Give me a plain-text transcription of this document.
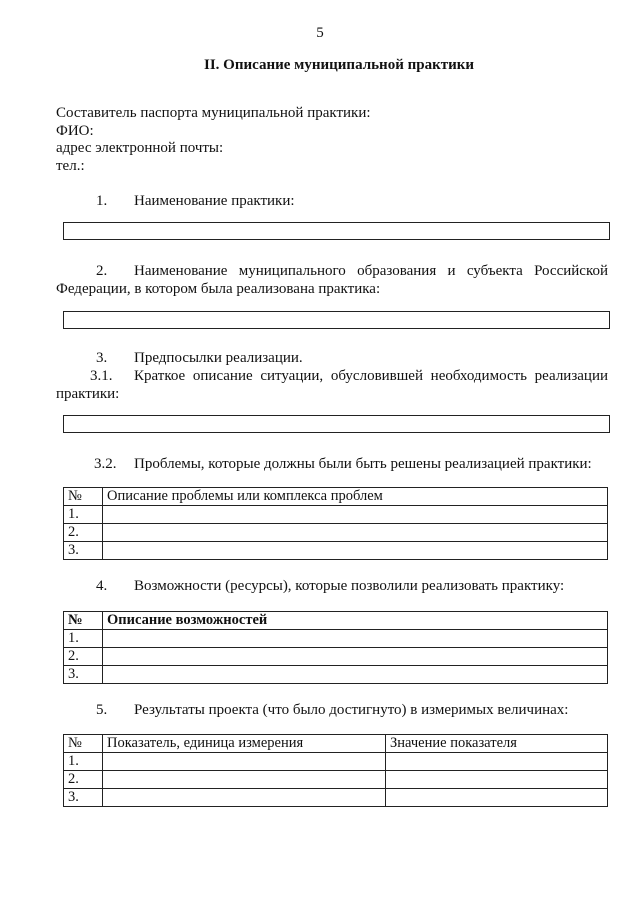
5
II. Описание муниципальной практики
Составитель паспорта муниципальной практики:
ФИО:
адрес электронной почты:
тел.:
1. Наименование практики:
2. Наименование муниципального образования и субъекта Российской
Федерации, в котором была реализована практика:
3. Предпосылки реализации.
3.1. Краткое описание ситуации, обусловившей необходимость реализации
практики:
3.2. Проблемы, которые должны были быть решены реализацией практики:
№	Описание проблемы или комплекса проблем
1.	
2.	
3.	
4. Возможности (ресурсы), которые позволили реализовать практику:
№	Описание возможностей
1.	
2.	
3.	
5. Результаты проекта (что было достигнуто) в измеримых величинах:
№	Показатель, единица измерения	Значение показателя
1.		
2.		
3.		
